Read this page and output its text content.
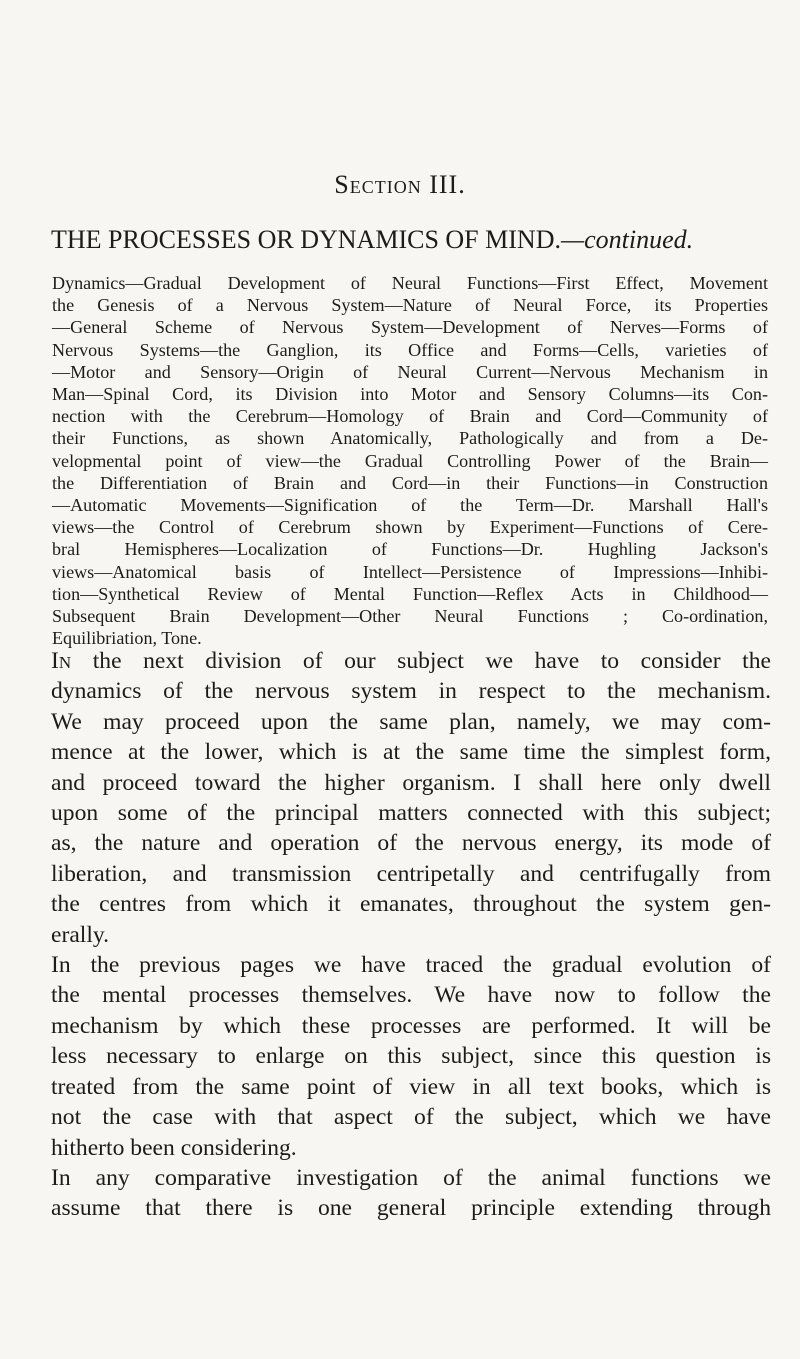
Section III.
THE PROCESSES OR DYNAMICS OF MIND.—continued.
Dynamics—Gradual Development of Neural Functions—First Effect, Movement
the Genesis of a Nervous System—Nature of Neural Force, its Properties
—General Scheme of Nervous System—Development of Nerves—Forms of
Nervous Systems—the Ganglion, its Office and Forms—Cells, varieties of
—Motor and Sensory—Origin of Neural Current—Nervous Mechanism in
Man—Spinal Cord, its Division into Motor and Sensory Columns—its Con-
nection with the Cerebrum—Homology of Brain and Cord—Community of
their Functions, as shown Anatomically, Pathologically and from a De-
velopmental point of view—the Gradual Controlling Power of the Brain—
the Differentiation of Brain and Cord—in their Functions—in Construction
—Automatic Movements—Signification of the Term—Dr. Marshall Hall's
views—the Control of Cerebrum shown by Experiment—Functions of Cere-
bral Hemispheres—Localization of Functions—Dr. Hughling Jackson's
views—Anatomical basis of Intellect—Persistence of Impressions—Inhibi-
tion—Synthetical Review of Mental Function—Reflex Acts in Childhood—
Subsequent Brain Development—Other Neural Functions ; Co-ordination,
Equilibriation, Tone.
In the next division of our subject we have to consider the
dynamics of the nervous system in respect to the mechanism.
We may proceed upon the same plan, namely, we may com-
mence at the lower, which is at the same time the simplest form,
and proceed toward the higher organism. I shall here only dwell
upon some of the principal matters connected with this subject;
as, the nature and operation of the nervous energy, its mode of
liberation, and transmission centripetally and centrifugally from
the centres from which it emanates, throughout the system gen-
erally.
In the previous pages we have traced the gradual evolution of
the mental processes themselves. We have now to follow the
mechanism by which these processes are performed. It will be
less necessary to enlarge on this subject, since this question is
treated from the same point of view in all text books, which is
not the case with that aspect of the subject, which we have
hitherto been considering.
In any comparative investigation of the animal functions we
assume that there is one general principle extending through
